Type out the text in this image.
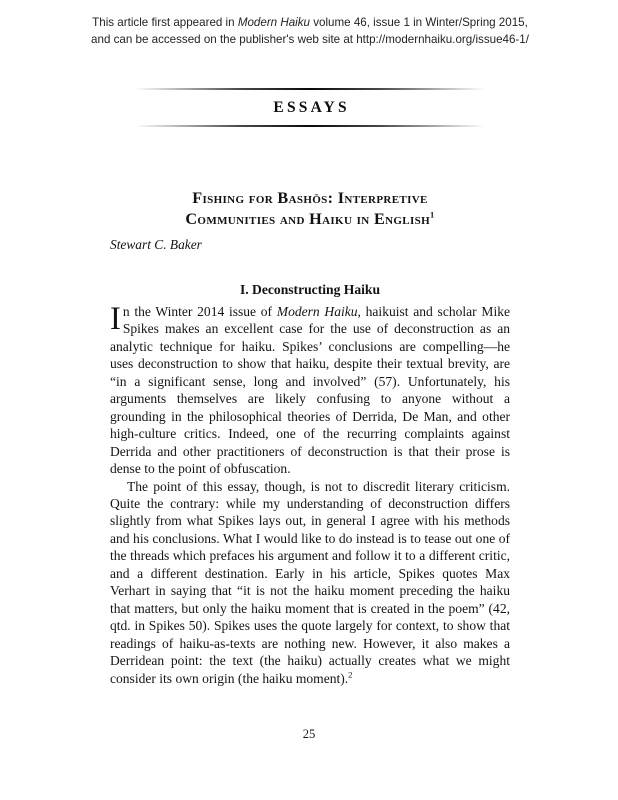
This article first appeared in Modern Haiku volume 46, issue 1 in Winter/Spring 2015,
and can be accessed on the publisher's web site at http://modernhaiku.org/issue46-1/
ESSAYS
Fishing for Bashōs: Interpretive
Communities and Haiku in English$^1$
Stewart C. Baker
I. Deconstructing Haiku

In the Winter 2014 issue of Modern Haiku, haikuist and scholar Mike Spikes makes an excellent case for the use of deconstruction as an analytic technique for haiku. Spikes’ conclusions are compelling—he uses deconstruction to show that haiku, despite their textual brevity, are “in a significant sense, long and involved” (57). Unfortunately, his arguments themselves are likely confusing to anyone without a grounding in the philosophical theories of Derrida, De Man, and other high-culture critics. Indeed, one of the recurring complaints against Derrida and other practitioners of deconstruction is that their prose is dense to the point of obfuscation.

The point of this essay, though, is not to discredit literary criticism. Quite the contrary: while my understanding of deconstruction differs slightly from what Spikes lays out, in general I agree with his methods and his conclusions. What I would like to do instead is to tease out one of the threads which prefaces his argument and follow it to a different critic, and a different destination. Early in his article, Spikes quotes Max Verhart in saying that “it is not the haiku moment preceding the haiku that matters, but only the haiku moment that is created in the poem” (42, qtd. in Spikes 50). Spikes uses the quote largely for context, to show that readings of haiku-as-texts are nothing new. However, it also makes a Derridean point: the text (the haiku) actually creates what we might consider its own origin (the haiku moment).$^2$

25
